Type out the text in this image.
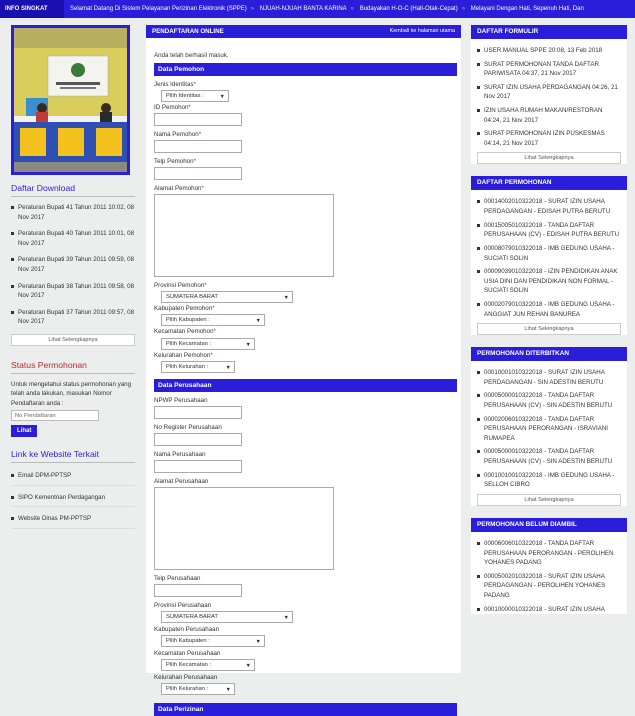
INFO SINGKAT	Selamat Datang Di Sistem Pelayanan Perizinan Elektronik (SPPE) » NJUAH-NJUAH BANTA KARINA » Budayakan H-O-C (Hati-Otak-Cepat) » Melayani Dengan Hati, Sepenuh Hati, Dan
Daftar Download
Peraturan Bupati 41 Tahun 2011 10:02, 08 Nov 2017
Peraturan Bupati 40 Tahun 2011 10:01, 08 Nov 2017
Peraturan Bupati 39 Tahun 2011 09:59, 08 Nov 2017
Peraturan Bupati 38 Tahun 2011 09:58, 08 Nov 2017
Peraturan Bupati 37 Tahun 2011 09:57, 08 Nov 2017
Lihat Selengkapnya
Status Permohonan
Untuk mengetahui status permohonan yang telah anda lakukan, masukan Nomor Pendaftaran anda :
No Pendaftaran
Lihat
Link ke Website Terkait
Email DPM-PPTSP
SIPO Kementrian Perdagangan
Website Dinas PM-PPTSP
PENDAFTARAN ONLINE	Kembali ke halaman utama
Anda telah berhasil masuk.
Data Pemohon
Jenis Identitas*
Pilih Identitas :	▼
ID Pemohon*
Nama Pemohon*
Telp Pemohon*
Alamat Pemohon*
Provinsi Pemohon*
SUMATERA BARAT	▼
Kabupaten Pemohon*
Pilih Kabupaten :	▼
Kecamatan Pemohon*
Pilih Kecamatan :	▼
Kelurahan Pemohon*
Pilih Kelurahan :	▼
Data Perusahaan
NPWP Perusahaan
No Register Perusahaan
Nama Perusahaan
Alamat Perusahaan
Telp Perusahaan
Provinsi Perusahaan
SUMATERA BARAT	▼
Kabupaten Perusahaan
Pilih Kabupaten :	▼
Kecamatan Perusahaan
Pilih Kecamatan :	▼
Kelurahan Perusahaan
Pilih Kelurahan :	▼
Data Perizinan
DAFTAR FORMULIR
USER MANUAL SPPE 20:08, 13 Feb 2018
SURAT PERMOHONAN TANDA DAFTAR PARIWISATA 04:37, 21 Nov 2017
SURAT IZIN USAHA PERDAGANGAN 04:26, 21 Nov 2017
IZIN USAHA RUMAH MAKAN/RESTORAN 04:24, 21 Nov 2017
SURAT PERMOHONAN IZIN PUSKESMAS 04:14, 21 Nov 2017
Lihat Selengkapnya
DAFTAR PERMOHONAN
00014002010322018 - SURAT IZIN USAHA PERDAGANGAN - EDISAH PUTRA BERUTU
00015005010322018 - TANDA DAFTAR PERUSAHAAN (CV) - EDISAH PUTRA BERUTU
00008079010322018 - IMB GEDUNG USAHA - SUCIATI SOLIN
00009039010322018 - IZIN PENDIDIKAN ANAK USIA DINI DAN PENDIDIKAN NON FORMAL - SUCIATI SOLIN
00002079010322018 - IMB GEDUNG USAHA - ANGGIAT JUN REHAN BANUREA
Lihat Selengkapnya
PERMOHONAN DITERBITKAN
00010001010322018 - SURAT IZIN USAHA PERDAGANGAN - SIN ADESTIN BERUTU
00005000010322018 - TANDA DAFTAR PERUSAHAAN (CV) - SIN ADESTIN BERUTU
00002006010322018 - TANDA DAFTAR PERUSAHAAN PERORANGAN - ISRAVIANI RUMAPEA
00005000010322018 - TANDA DAFTAR PERUSAHAAN (CV) - SIN ADESTIN BERUTU
00010010010322018 - IMB GEDUNG USAHA - SELLOH CIBRO
Lihat Selengkapnya
PERMOHONAN BELUM DIAMBIL
00006006010322018 - TANDA DAFTAR PERUSAHAAN PERORANGAN - PEROLIHEN YOHANES PADANG
00005002010322018 - SURAT IZIN USAHA PERDAGANGAN - PEROLIHEN YOHANES PADANG
00010000010322018 - SURAT IZIN USAHA
